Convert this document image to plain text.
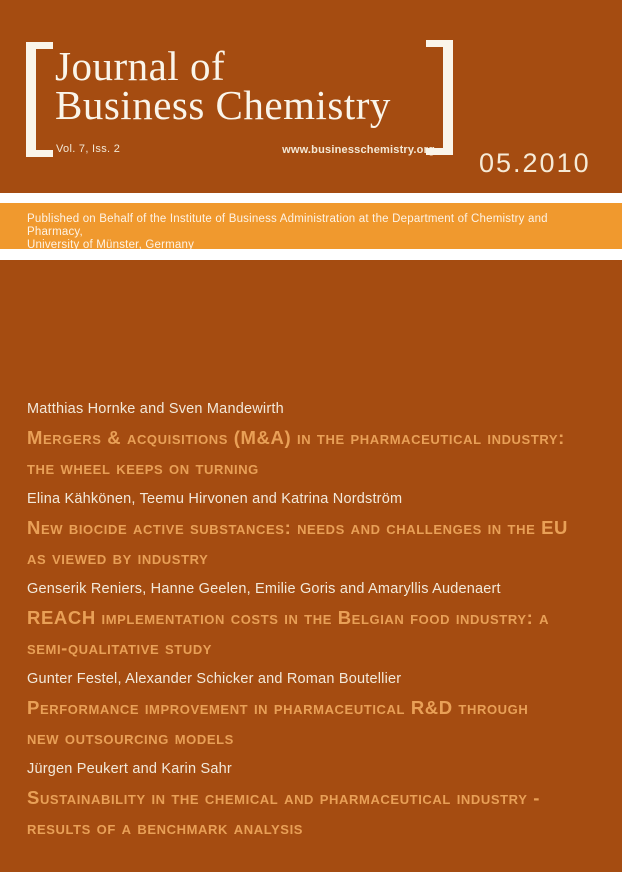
Journal of
Business Chemistry
Vol. 7, Iss. 2	www.businesschemistry.org 05.2010
Published on Behalf of the Institute of Business Administration at the Department of Chemistry and Pharmacy,
University of Münster, Germany
Matthias Hornke and Sven Mandewirth
Mergers & acquisitions (M&A) in the pharmaceutical industry:
the wheel keeps on turning
Elina Kähkönen, Teemu Hirvonen and Katrina Nordström
New biocide active substances: needs and challenges in the EU
as viewed by industry
Genserik Reniers, Hanne Geelen, Emilie Goris and Amaryllis Audenaert
REACH implementation costs in the Belgian food industry: a
semi-qualitative study
Gunter Festel, Alexander Schicker and Roman Boutellier
Performance improvement in pharmaceutical R&D through
new outsourcing models
Jürgen Peukert and Karin Sahr
Sustainability in the chemical and pharmaceutical industry -
results of a benchmark analysis
